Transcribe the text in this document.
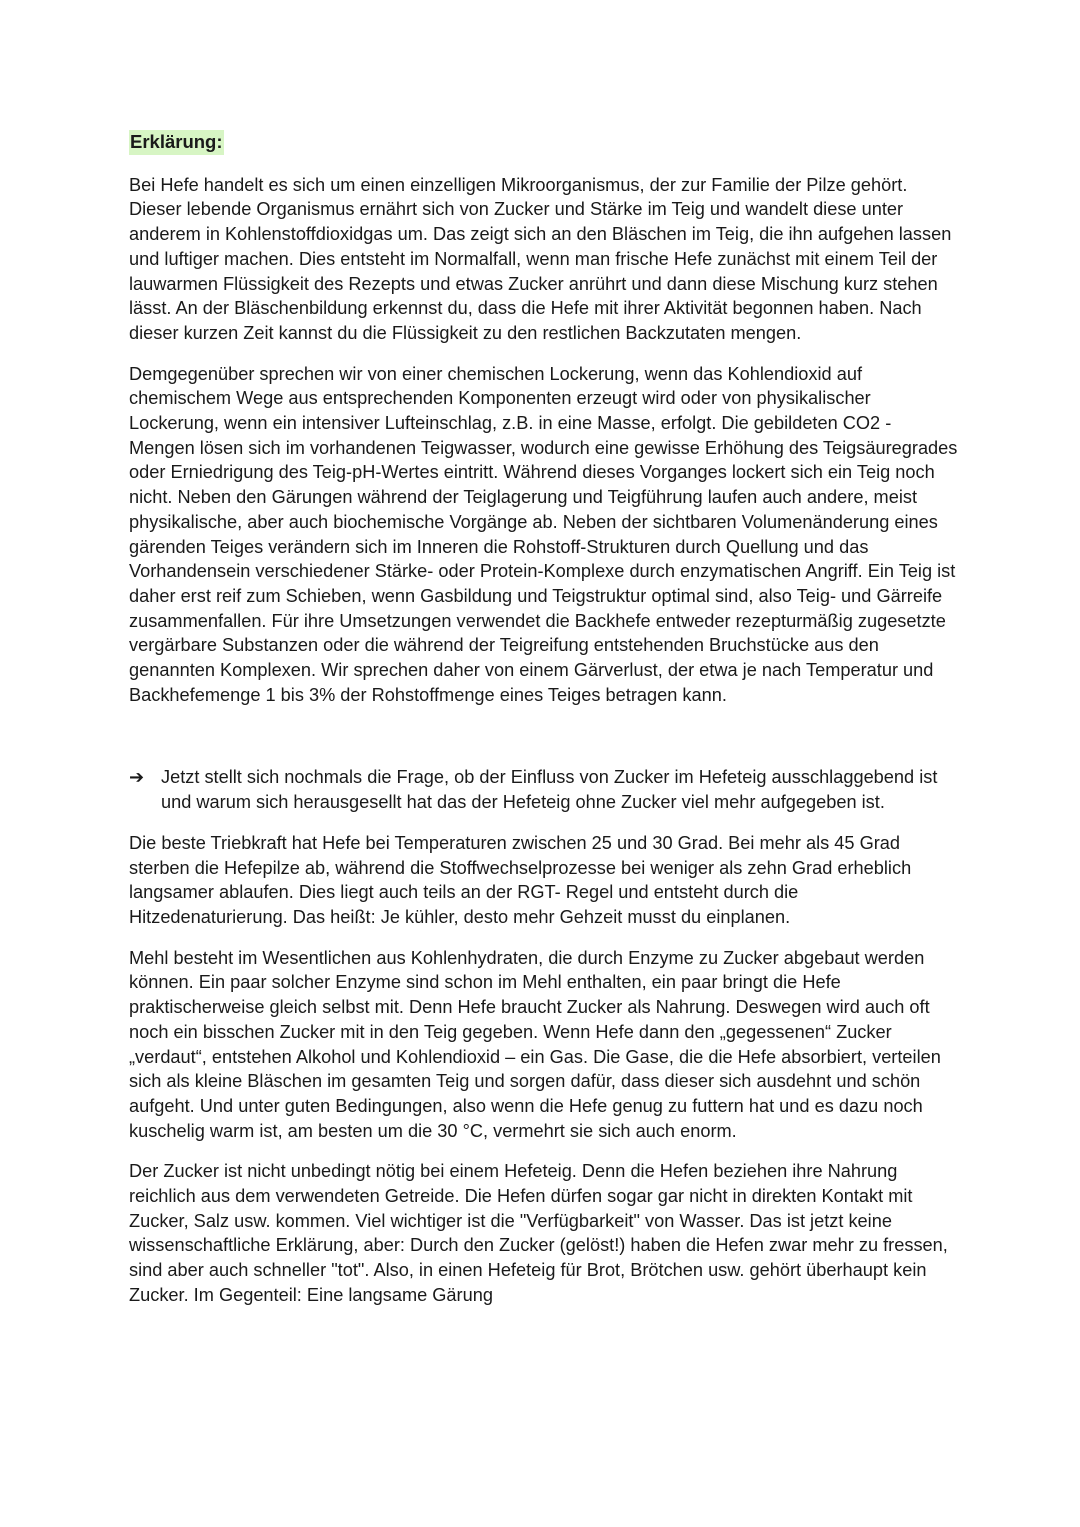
Erklärung:

Bei Hefe handelt es sich um einen einzelligen Mikroorganismus, der zur Familie der Pilze gehört. Dieser lebende Organismus ernährt sich von Zucker und Stärke im Teig und wandelt diese unter anderem in Kohlenstoffdioxidgas um. Das zeigt sich an den Bläschen im Teig, die ihn aufgehen lassen und luftiger machen. Dies entsteht im Normalfall, wenn man frische Hefe zunächst mit einem Teil der lauwarmen Flüssigkeit des Rezepts und etwas Zucker anrührt und dann diese Mischung kurz stehen lässt. An der Bläschenbildung erkennst du, dass die Hefe mit ihrer Aktivität begonnen haben. Nach dieser kurzen Zeit kannst du die Flüssigkeit zu den restlichen Backzutaten mengen.

Demgegenüber sprechen wir von einer chemischen Lockerung, wenn das Kohlendioxid auf chemischem Wege aus entsprechenden Komponenten erzeugt wird oder von physikalischer Lockerung, wenn ein intensiver Lufteinschlag, z.B. in eine Masse, erfolgt. Die gebildeten CO2 - Mengen lösen sich im vorhandenen Teigwasser, wodurch eine gewisse Erhöhung des Teigsäuregrades oder Erniedrigung des Teig-pH-Wertes eintritt. Während dieses Vorganges lockert sich ein Teig noch nicht. Neben den Gärungen während der Teiglagerung und Teigführung laufen auch andere, meist physikalische, aber auch biochemische Vorgänge ab. Neben der sichtbaren Volumenänderung eines gärenden Teiges verändern sich im Inneren die Rohstoff-Strukturen durch Quellung und das Vorhandensein verschiedener Stärke- oder Protein-Komplexe durch enzymatischen Angriff. Ein Teig ist daher erst reif zum Schieben, wenn Gasbildung und Teigstruktur optimal sind, also Teig- und Gärreife zusammenfallen. Für ihre Umsetzungen verwendet die Backhefe entweder rezepturmäßig zugesetzte vergärbare Substanzen oder die während der Teigreifung entstehenden Bruchstücke aus den genannten Komplexen. Wir sprechen daher von einem Gärverlust, der etwa je nach Temperatur und Backhefemenge 1 bis 3% der Rohstoffmenge eines Teiges betragen kann.

➔ Jetzt stellt sich nochmals die Frage, ob der Einfluss von Zucker im Hefeteig ausschlaggebend ist und warum sich herausgesellt hat das der Hefeteig ohne Zucker viel mehr aufgegeben ist.

Die beste Triebkraft hat Hefe bei Temperaturen zwischen 25 und 30 Grad. Bei mehr als 45 Grad sterben die Hefepilze ab, während die Stoffwechselprozesse bei weniger als zehn Grad erheblich langsamer ablaufen. Dies liegt auch teils an der RGT- Regel und entsteht durch die Hitzedenaturierung. Das heißt: Je kühler, desto mehr Gehzeit musst du einplanen.

Mehl besteht im Wesentlichen aus Kohlenhydraten, die durch Enzyme zu Zucker abgebaut werden können. Ein paar solcher Enzyme sind schon im Mehl enthalten, ein paar bringt die Hefe praktischerweise gleich selbst mit. Denn Hefe braucht Zucker als Nahrung. Deswegen wird auch oft noch ein bisschen Zucker mit in den Teig gegeben. Wenn Hefe dann den „gegessenen“ Zucker „verdaut“, entstehen Alkohol und Kohlendioxid – ein Gas. Die Gase, die die Hefe absorbiert, verteilen sich als kleine Bläschen im gesamten Teig und sorgen dafür, dass dieser sich ausdehnt und schön aufgeht. Und unter guten Bedingungen, also wenn die Hefe genug zu futtern hat und es dazu noch kuschelig warm ist, am besten um die 30 °C, vermehrt sie sich auch enorm.

Der Zucker ist nicht unbedingt nötig bei einem Hefeteig. Denn die Hefen beziehen ihre Nahrung reichlich aus dem verwendeten Getreide. Die Hefen dürfen sogar gar nicht in direkten Kontakt mit Zucker, Salz usw. kommen. Viel wichtiger ist die "Verfügbarkeit" von Wasser. Das ist jetzt keine wissenschaftliche Erklärung, aber: Durch den Zucker (gelöst!) haben die Hefen zwar mehr zu fressen, sind aber auch schneller "tot". Also, in einen Hefeteig für Brot, Brötchen usw. gehört überhaupt kein Zucker. Im Gegenteil: Eine langsame Gärung
